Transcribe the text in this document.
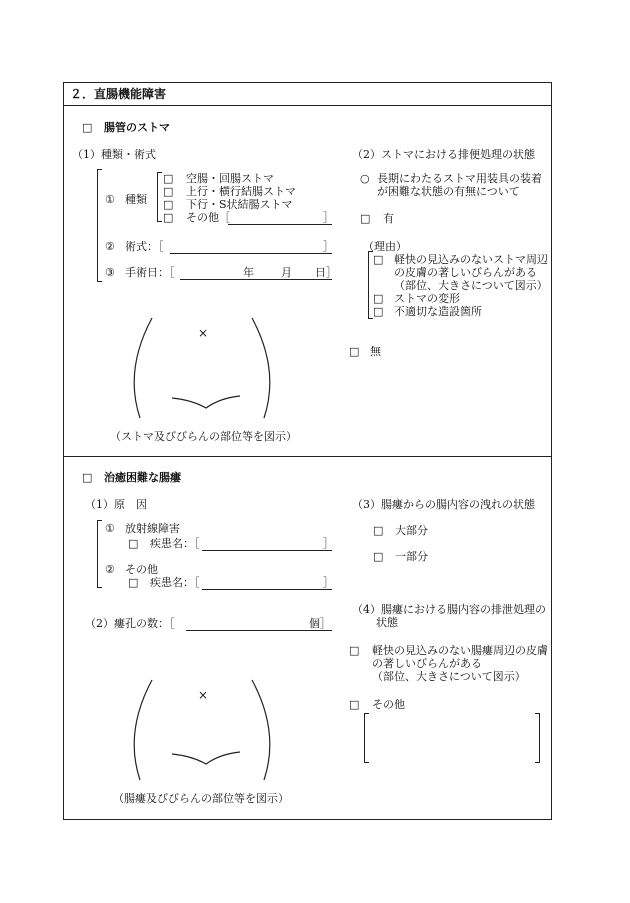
２．直腸機能障害
□ 腸管のストマ
（1）種類・術式
① 種類
□ 空腸・回腸ストマ
□ 上行・横行結腸ストマ
□ 下行・S状結腸ストマ
□ その他［	］
② 術式：［	］
③ 手術日：［	年 月 日］
×
（ストマ及びびらんの部位等を図示）
（2）ストマにおける排便処理の状態
○ 長期にわたるストマ用装具の装着
が困難な状態の有無について
□ 有
（理由）
□ 軽快の見込みのないストマ周辺
の皮膚の著しいびらんがある
（部位、大きさについて図示）
□ ストマの変形
□ 不適切な造設箇所
□ 無
□ 治癒困難な腸瘻
（1）原　因
① 放射線障害
□ 疾患名：［	］
② その他
□ 疾患名：［	］
（2）瘻孔の数：［	個］
×
（腸瘻及びびらんの部位等を図示）
（3）腸瘻からの腸内容の洩れの状態
□ 大部分
□ 一部分
（4）腸瘻における腸内容の排泄処理の
状態
□ 軽快の見込みのない腸瘻周辺の皮膚
の著しいびらんがある
（部位、大きさについて図示）
□ その他
